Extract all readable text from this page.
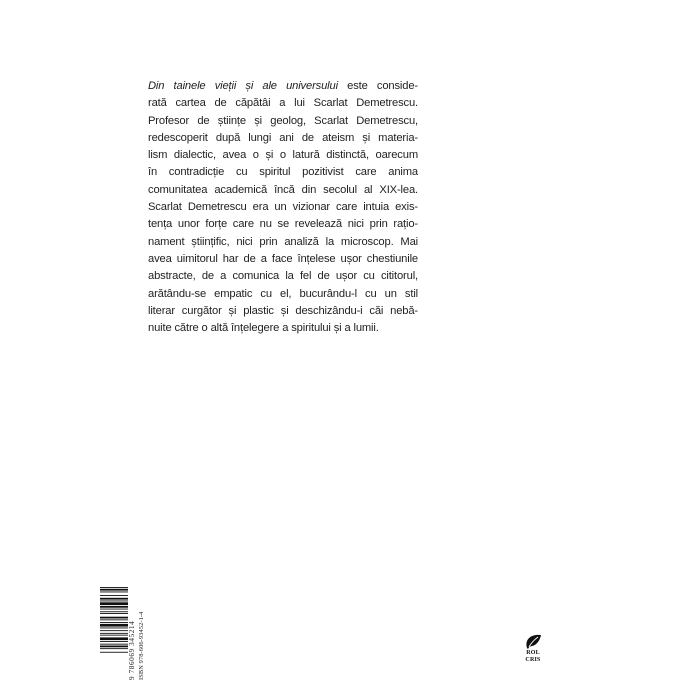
Din tainele vieții și ale universului este conside-
rată cartea de căpătâi a lui Scarlat Demetrescu.
Profesor de științe și geolog, Scarlat Demetrescu,
redescoperit după lungi ani de ateism și materia-
lism dialectic, avea o și o latură distinctă, oarecum
în contradicție cu spiritul pozitivist care anima
comunitatea academică încă din secolul al XIX-lea.
Scarlat Demetrescu era un vizionar care intuia exis-
tența unor forțe care nu se revelează nici prin rațio-
nament științific, nici prin analiză la microscop. Mai
avea uimitorul har de a face înțelese ușor chestiunile
abstracte, de a comunica la fel de ușor cu cititorul,
arătându-se empatic cu el, bucurându-l cu un stil
literar curgător și plastic și deschizându-i căi nebă-
nuite către o altă înțelegere a spiritului și a lumii.
9 786069 345214 ISBN 978-606-93452-1-4	ROL
CRIS
